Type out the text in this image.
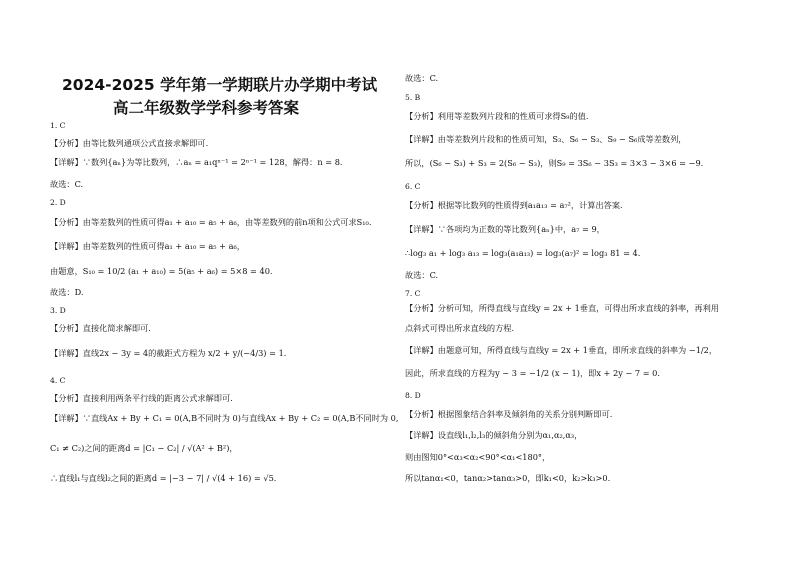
2024-2025 学年第一学期联片办学期中考试
高二年级数学学科参考答案
1. C
【分析】由等比数列通项公式直接求解即可.
【详解】∵数列{aₙ}为等比数列，∴aₙ = a₁qⁿ⁻¹ = 2ⁿ⁻¹ = 128，解得：n = 8.
故选：C.
2. D
【分析】由等差数列的性质可得a₁ + a₁₀ = a₅ + a₆，由等差数列的前n项和公式可求S₁₀.
【详解】由等差数列的性质可得a₁ + a₁₀ = a₅ + a₆，
由题意，S₁₀ = 10/2 (a₁ + a₁₀) = 5(a₅ + a₆) = 5×8 = 40.
故选：D.
3. D
【分析】直接化简求解即可.
【详解】直线2x − 3y = 4的截距式方程为 x/2 + y/(−4/3) = 1.
4. C
【分析】直接利用两条平行线的距离公式求解即可.
【详解】∵直线Ax + By + C₁ = 0(A,B不同时为 0)与直线Ax + By + C₂ = 0(A,B不同时为 0,
C₁ ≠ C₂)之间的距离d = |C₁ − C₂| / √(A² + B²)，
∴直线l₁与直线l₂之间的距离d = |−3 − 7| / √(4 + 16) = √5.
故选：C.
5. B
【分析】利用等差数列片段和的性质可求得S₉的值.
【详解】由等差数列片段和的性质可知，S₃、S₆ − S₃、S₉ − S₆成等差数列，
所以，(S₆ − S₃) + S₃ = 2(S₆ − S₃)，则S₉ = 3S₆ − 3S₃ = 3×3 − 3×6 = −9.
6. C
【分析】根据等比数列的性质得到a₁a₁₃ = a₇²，计算出答案.
【详解】∵各项均为正数的等比数列{aₙ}中，a₇ = 9，
∴log₃ a₁ + log₃ a₁₃ = log₃(a₁a₁₃) = log₃(a₇)² = log₃ 81 = 4.
故选：C.
7. C
【分析】分析可知，所得直线与直线y = 2x + 1垂直，可得出所求直线的斜率，再利用
点斜式可得出所求直线的方程.
【详解】由题意可知，所得直线与直线y = 2x + 1垂直，即所求直线的斜率为 −1/2，
因此，所求直线的方程为y − 3 = −1/2 (x − 1)，即x + 2y − 7 = 0.
8. D
【分析】根据图象结合斜率及倾斜角的关系分别判断即可.
【详解】设直线l₁,l₂,l₃的倾斜角分别为α₁,α₂,α₃，
则由图知0°<α₃<α₂<90°<α₁<180°，
所以tanα₁<0，tanα₂>tanα₃>0，即k₁<0，k₂>k₃>0.
